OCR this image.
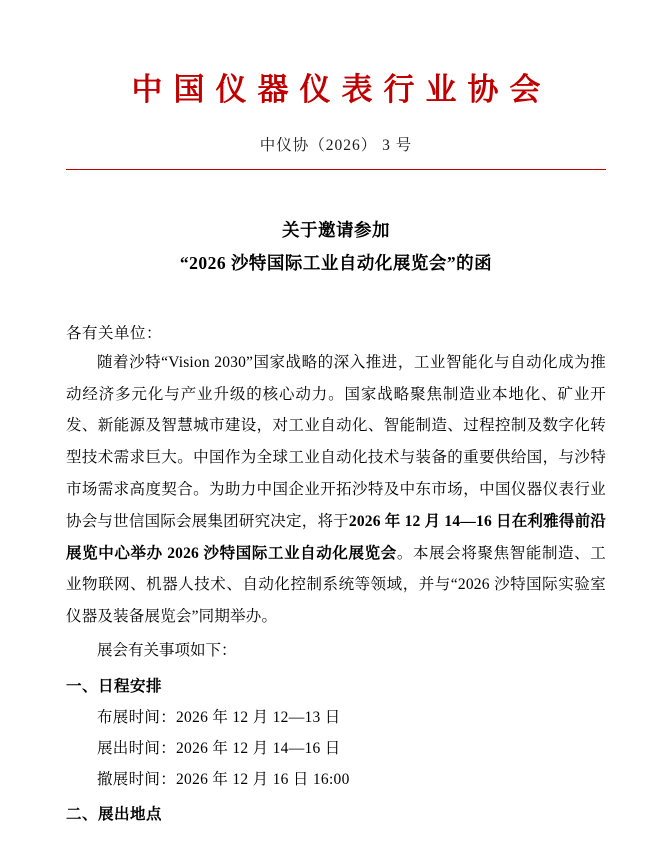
中国仪器仪表行业协会
中仪协（2026） 3 号
关于邀请参加
“2026 沙特国际工业自动化展览会”的函
各有关单位：
随着沙特“Vision 2030”国家战略的深入推进，工业智能化与自动化成为推动经济多元化与产业升级的核心动力。国家战略聚焦制造业本地化、矿业开发、新能源及智慧城市建设，对工业自动化、智能制造、过程控制及数字化转型技术需求巨大。中国作为全球工业自动化技术与装备的重要供给国，与沙特市场需求高度契合。为助力中国企业开拓沙特及中东市场，中国仪器仪表行业协会与世信国际会展集团研究决定，将于2026 年 12 月 14—16 日在利雅得前沿展览中心举办 2026 沙特国际工业自动化展览会。本展会将聚焦智能制造、工业物联网、机器人技术、自动化控制系统等领域，并与“2026 沙特国际实验室仪器及装备展览会”同期举办。
展会有关事项如下：
一、日程安排
布展时间：2026 年 12 月 12—13 日
展出时间：2026 年 12 月 14—16 日
撤展时间：2026 年 12 月 16 日 16:00
二、展出地点
